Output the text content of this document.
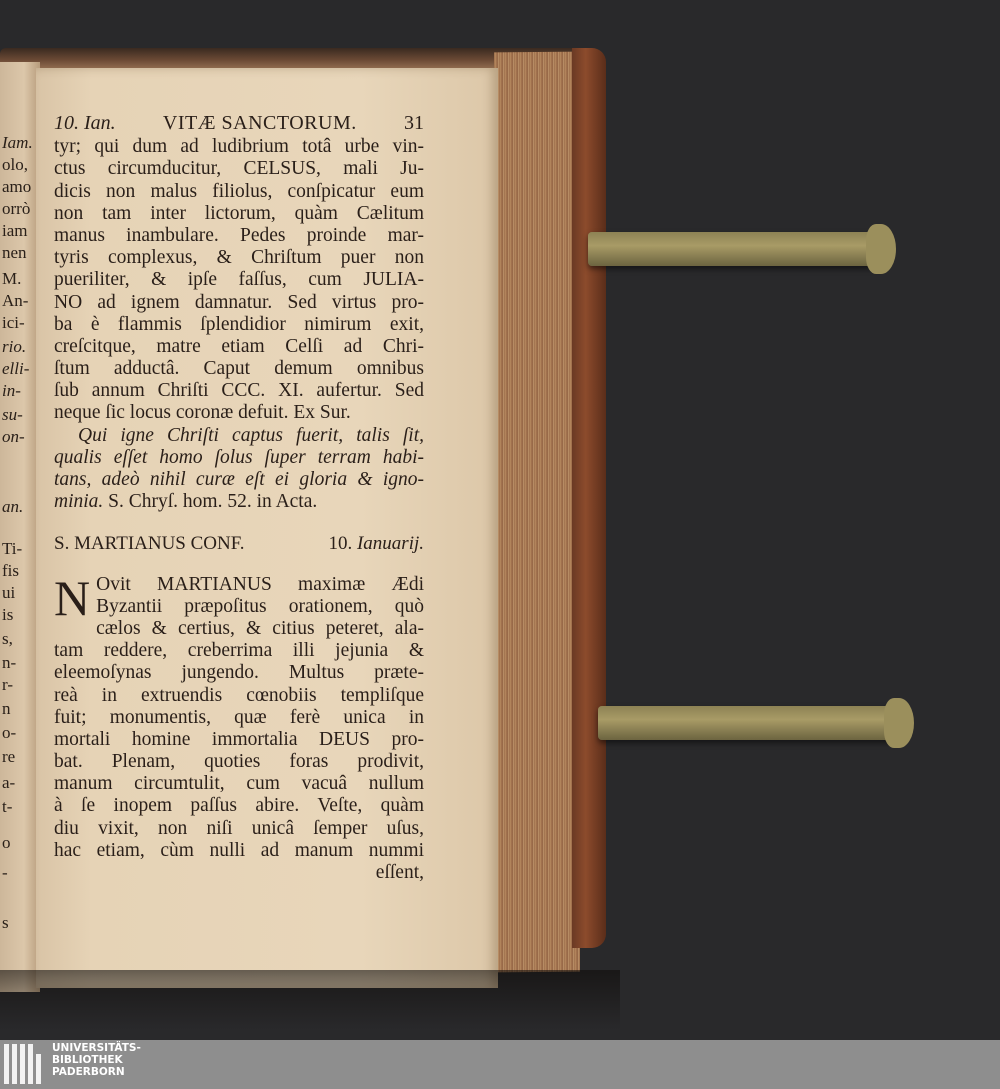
Iam.
olo,
amo
orrò
iam
nen
M.
An-
ici-
rio.
elli-
in-
su-
on-
an.
Ti-
fis
ui
is
s,
n-
r-
n
o-
re
a-
t-
o
-
s
10. Ian. VITÆ SANCTORUM. 31
tyr; qui dum ad ludibrium totâ urbe vin-
ctus circumducitur, CELSUS, mali Ju-
dicis non malus filiolus, conſpicatur eum
non tam inter lictorum, quàm Cælitum
manus inambulare. Pedes proinde mar-
tyris complexus, & Chriſtum puer non
pueriliter, & ipſe faſſus, cum JULIA-
NO ad ignem damnatur. Sed virtus pro-
ba è flammis ſplendidior nimirum exit,
creſcitque, matre etiam Celſi ad Chri-
ſtum adductâ. Caput demum omnibus
ſub annum Chriſti CCC. XI. aufertur. Sed
neque ſic locus coronæ defuit. Ex Sur.
Qui igne Chriſti captus fuerit, talis ſit,
qualis eſſet homo ſolus ſuper terram habi-
tans, adeò nihil curæ eſt ei gloria & igno-
minia. S. Chryſ. hom. 52. in Acta.
S. MARTIANUS CONF.	10. Ianuarij.
N Ovit MARTIANUS maximæ Ædi
Byzantii præpoſitus orationem, quò
cælos & certius, & citius peteret, ala-
tam reddere, creberrima illi jejunia &
eleemoſynas jungendo. Multus præte-
reà in extruendis cœnobiis templiſque
fuit; monumentis, quæ ferè unica in
mortali homine immortalia DEUS pro-
bat. Plenam, quoties foras prodivit,
manum circumtulit, cum vacuâ nullum
à ſe inopem paſſus abire. Veſte, quàm
diu vixit, non niſi unicâ ſemper uſus,
hac etiam, cùm nulli ad manum nummi
eſſent,
UNIVERSITÄTS-
BIBLIOTHEK
PADERBORN
